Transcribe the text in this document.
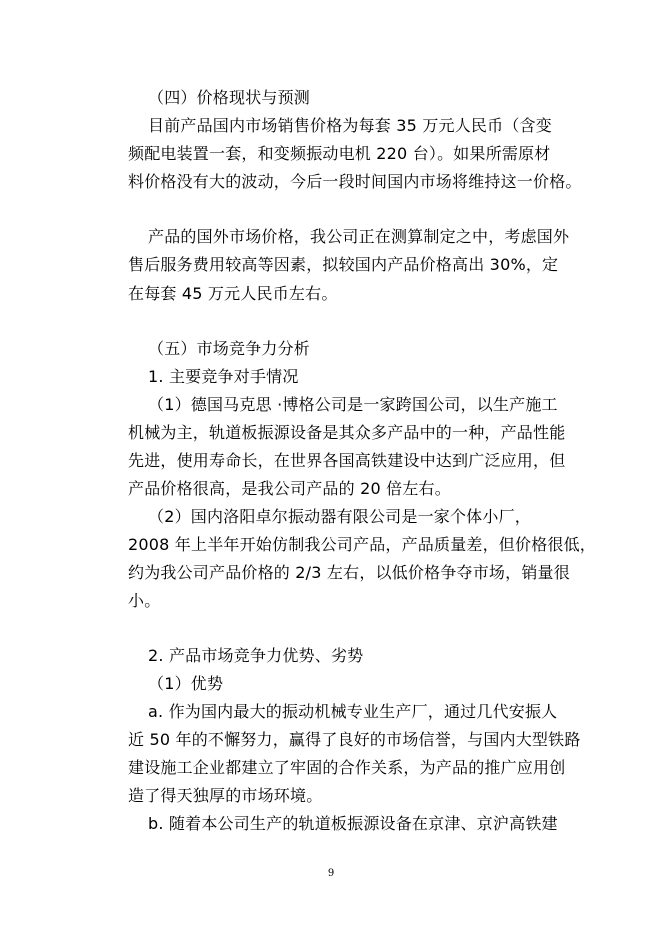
（四）价格现状与预测
目前产品国内市场销售价格为每套 35 万元人民币（含变
频配电装置一套，和变频振动电机 220 台）。如果所需原材
料价格没有大的波动，今后一段时间国内市场将维持这一价格。
产品的国外市场价格，我公司正在测算制定之中，考虑国外
售后服务费用较高等因素，拟较国内产品价格高出 30%，定
在每套 45 万元人民币左右。
（五）市场竞争力分析
1. 主要竞争对手情况
（1）德国马克思 ·博格公司是一家跨国公司，以生产施工
机械为主，轨道板振源设备是其众多产品中的一种，产品性能
先进，使用寿命长，在世界各国高铁建设中达到广泛应用，但
产品价格很高，是我公司产品的 20 倍左右。
（2）国内洛阳卓尔振动器有限公司是一家个体小厂，
2008 年上半年开始仿制我公司产品，产品质量差，但价格很低，
约为我公司产品价格的 2/3 左右，以低价格争夺市场，销量很
小。
2. 产品市场竞争力优势、劣势
（1）优势
a. 作为国内最大的振动机械专业生产厂，通过几代安振人
近 50 年的不懈努力，赢得了良好的市场信誉，与国内大型铁路
建设施工企业都建立了牢固的合作关系，为产品的推广应用创
造了得天独厚的市场环境。
b. 随着本公司生产的轨道板振源设备在京津、京沪高铁建
9
